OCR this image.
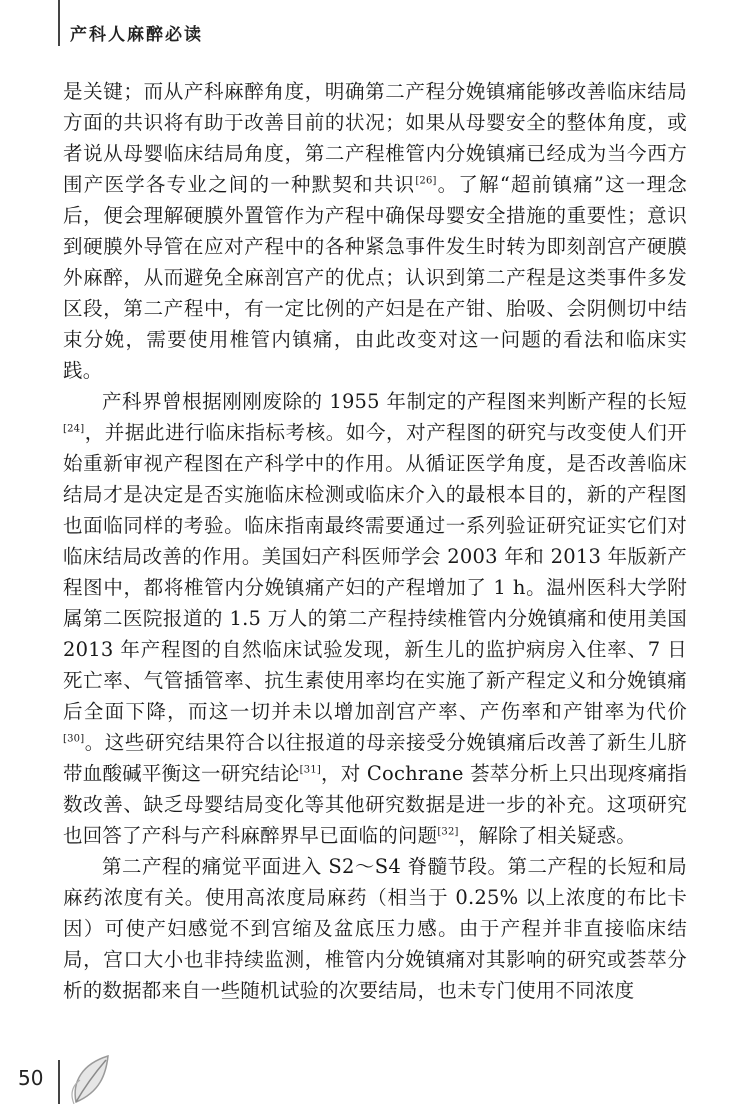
产科人麻醉必读

是关键；而从产科麻醉角度，明确第二产程分娩镇痛能够改善临床结局方面的共识将有助于改善目前的状况；如果从母婴安全的整体角度，或者说从母婴临床结局角度，第二产程椎管内分娩镇痛已经成为当今西方围产医学各专业之间的一种默契和共识[26]。了解“超前镇痛”这一理念后，便会理解硬膜外置管作为产程中确保母婴安全措施的重要性；意识到硬膜外导管在应对产程中的各种紧急事件发生时转为即刻剖宫产硬膜外麻醉，从而避免全麻剖宫产的优点；认识到第二产程是这类事件多发区段，第二产程中，有一定比例的产妇是在产钳、胎吸、会阴侧切中结束分娩，需要使用椎管内镇痛，由此改变对这一问题的看法和临床实践。

产科界曾根据刚刚废除的 1955 年制定的产程图来判断产程的长短[24]，并据此进行临床指标考核。如今，对产程图的研究与改变使人们开始重新审视产程图在产科学中的作用。从循证医学角度，是否改善临床结局才是决定是否实施临床检测或临床介入的最根本目的，新的产程图也面临同样的考验。临床指南最终需要通过一系列验证研究证实它们对临床结局改善的作用。美国妇产科医师学会 2003 年和 2013 年版新产程图中，都将椎管内分娩镇痛产妇的产程增加了 1 h。温州医科大学附属第二医院报道的 1.5 万人的第二产程持续椎管内分娩镇痛和使用美国 2013 年产程图的自然临床试验发现，新生儿的监护病房入住率、7 日死亡率、气管插管率、抗生素使用率均在实施了新产程定义和分娩镇痛后全面下降，而这一切并未以增加剖宫产率、产伤率和产钳率为代价[30]。这些研究结果符合以往报道的母亲接受分娩镇痛后改善了新生儿脐带血酸碱平衡这一研究结论[31]，对 Cochrane 荟萃分析上只出现疼痛指数改善、缺乏母婴结局变化等其他研究数据是进一步的补充。这项研究也回答了产科与产科麻醉界早已面临的问题[32]，解除了相关疑惑。

第二产程的痛觉平面进入 S2～S4 脊髓节段。第二产程的长短和局麻药浓度有关。使用高浓度局麻药（相当于 0.25% 以上浓度的布比卡因）可使产妇感觉不到宫缩及盆底压力感。由于产程并非直接临床结局，宫口大小也非持续监测，椎管内分娩镇痛对其影响的研究或荟萃分析的数据都来自一些随机试验的次要结局，也未专门使用不同浓度

50
